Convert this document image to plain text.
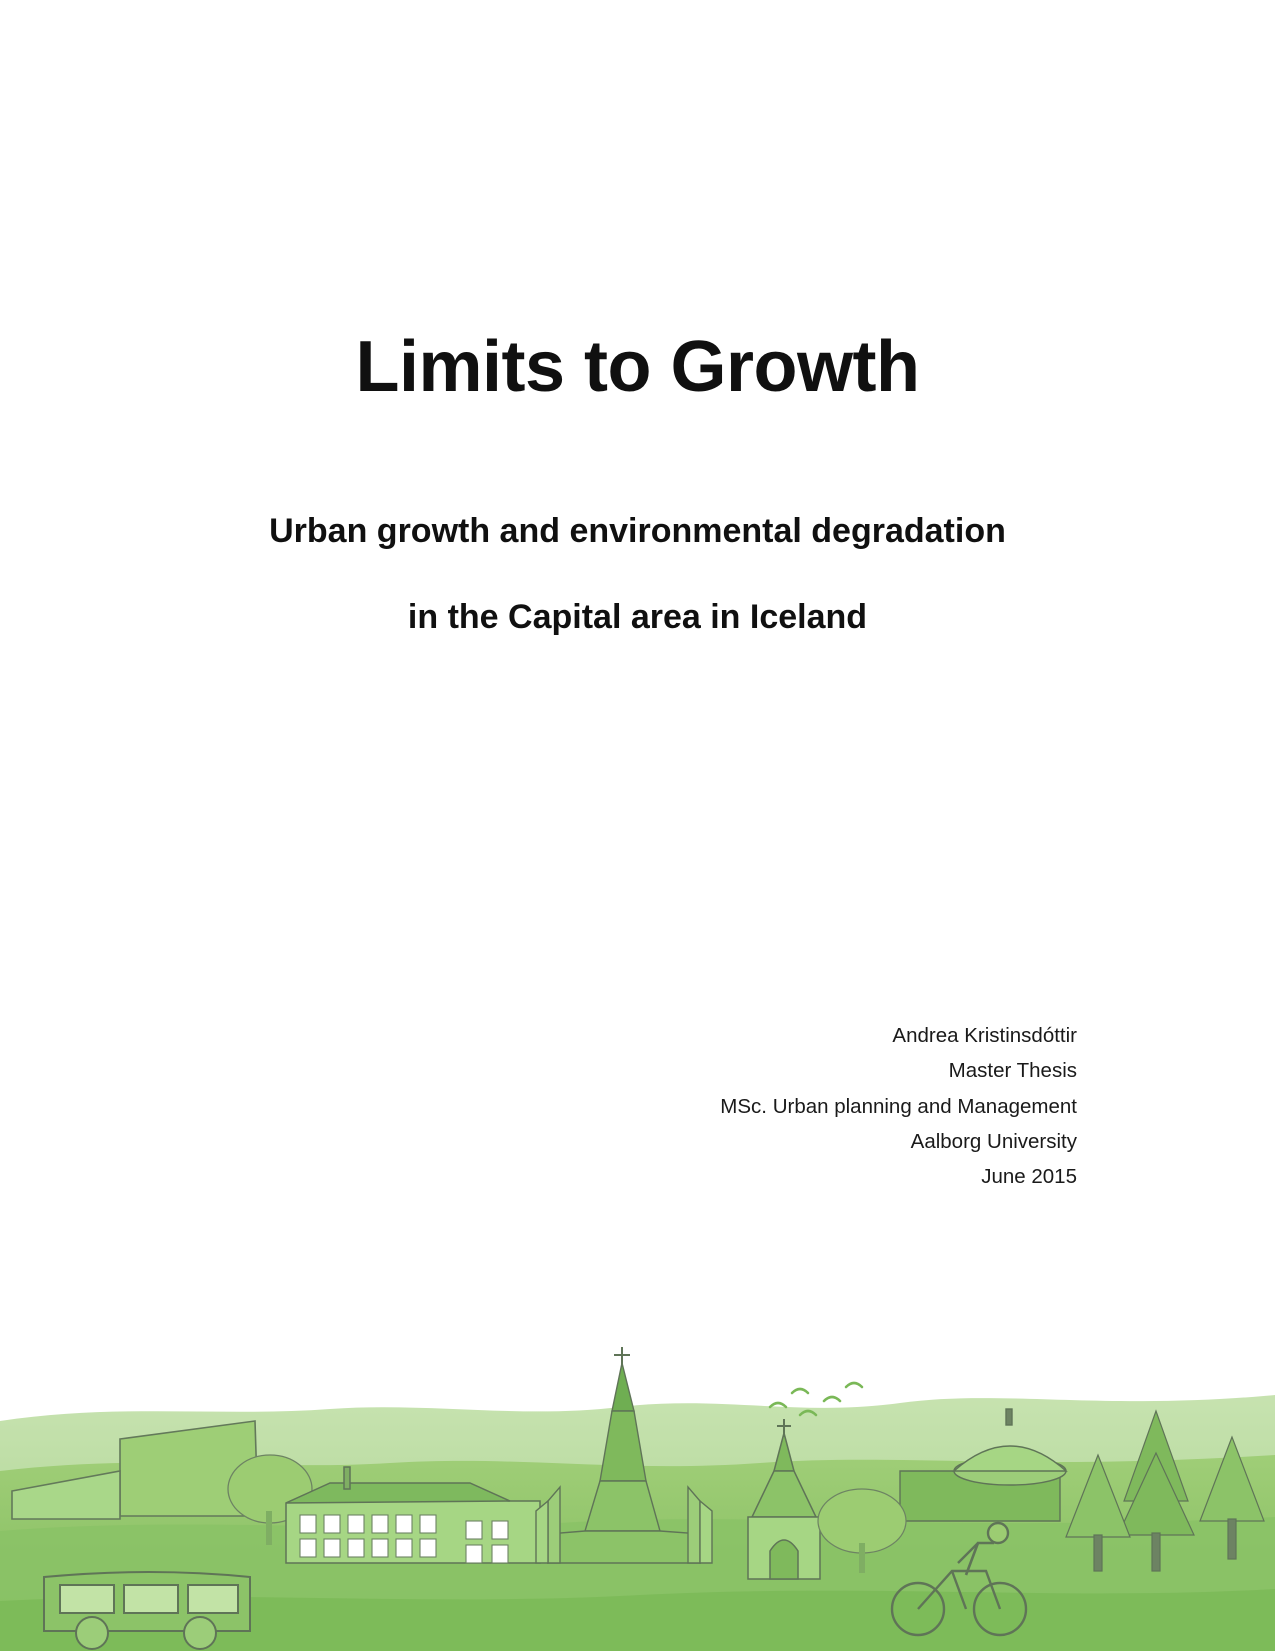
Limits to Growth

Urban growth and environmental degradation

in the Capital area in Iceland

Andrea Kristinsdóttir
Master Thesis
MSc. Urban planning and Management
Aalborg University
June 2015
